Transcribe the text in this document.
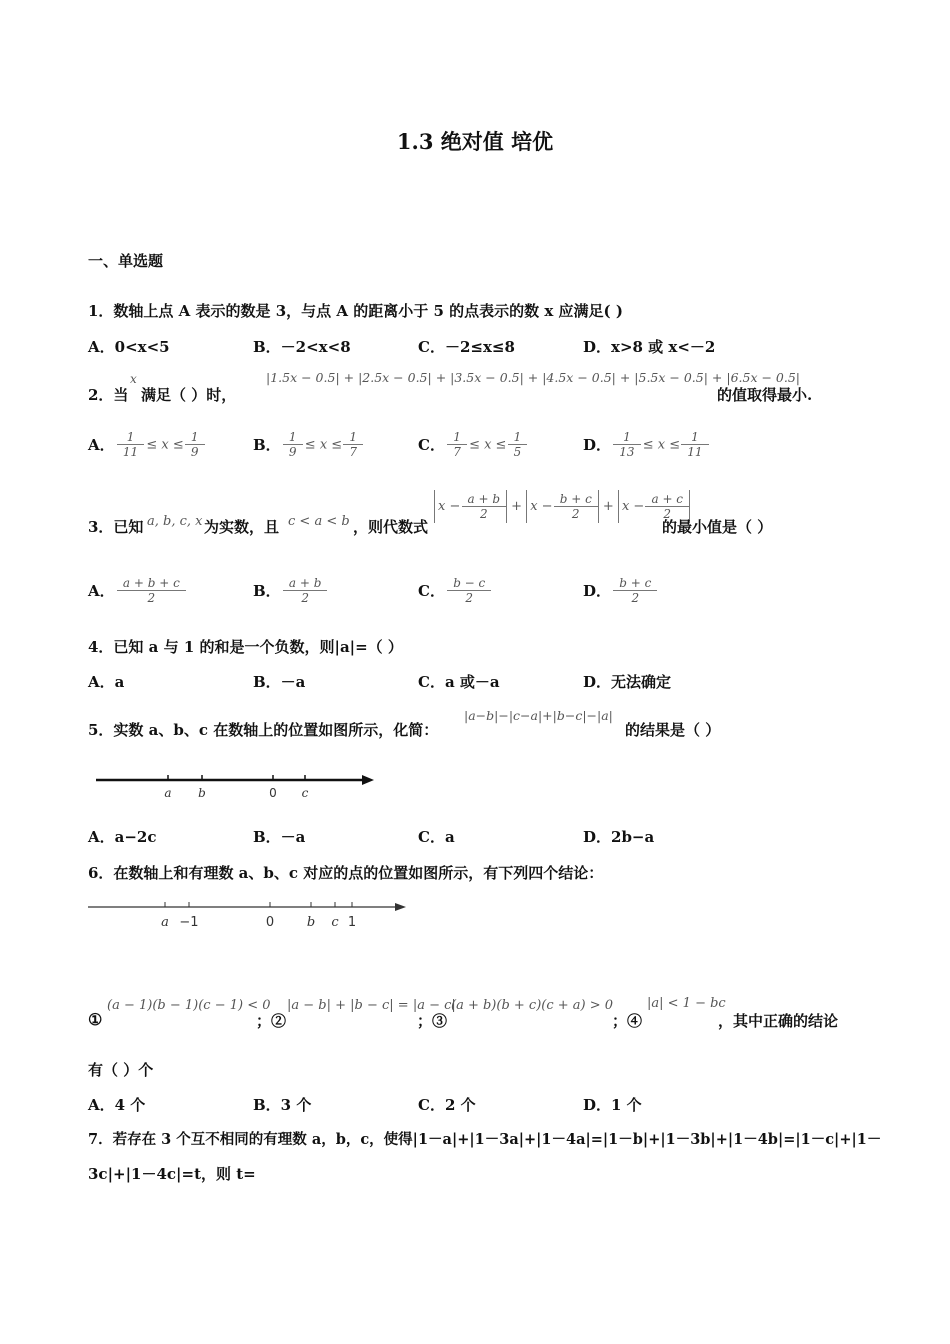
1.3 绝对值 培优
一、单选题
1．数轴上点 A 表示的数是 3，与点 A 的距离小于 5 的点表示的数 x 应满足( )
A．0<x<5	B．－2<x<8	C．－2≤x≤8	D．x>8 或 x<－2
2．当
x
满足（ ）时，
|1.5x − 0.5| + |2.5x − 0.5| + |3.5x − 0.5| + |4.5x − 0.5| + |5.5x − 0.5| + |6.5x − 0.5|
的值取得最小.
A． $\frac{1}{11} \le x \le \frac{1}{9}$	B． $\frac{1}{9} \le x \le \frac{1}{7}$	C． $\frac{1}{7} \le x \le \frac{1}{5}$	D． $\frac{1}{13} \le x \le \frac{1}{11}$
3．已知 a, b, c, x 为实数，且 c < a < b ，则代数式
$x - \frac{a + b}{2} + x - \frac{b + c}{2} + x - \frac{a + c}{2}$
的最小值是（ ）
A． $\frac{a + b + c}{2}$	B． $\frac{a + b}{2}$	C． $\frac{b - c}{2}$	D． $\frac{b + c}{2}$
4．已知 a 与 1 的和是一个负数，则|a|=（ ）
A．a	B．－a	C．a 或－a	D．无法确定
5．实数 a、b、c 在数轴上的位置如图所示，化简：
|a−b|−|c−a|+|b−c|−|a|
的结果是（ ）
a b	0 c
A．a−2c	B．－a	C．a	D．2b−a
6．在数轴上和有理数 a、b、c 对应的点的位置如图所示，有下列四个结论：
a −1	0	b c 1
①
(a − 1)(b − 1)(c − 1) < 0
；②
|a − b| + |b − c| = |a − c|
；③
(a + b)(b + c)(c + a) > 0
；④
|a| < 1 − bc
，其中正确的结论
有（ ）个
A．4 个	B．3 个	C．2 个	D．1 个
7．若存在 3 个互不相同的有理数 a，b，c，使得|1－a|+|1－3a|+|1－4a|=|1－b|+|1－3b|+|1－4b|=|1－c|+|1－
3c|+|1－4c|=t，则 t=
